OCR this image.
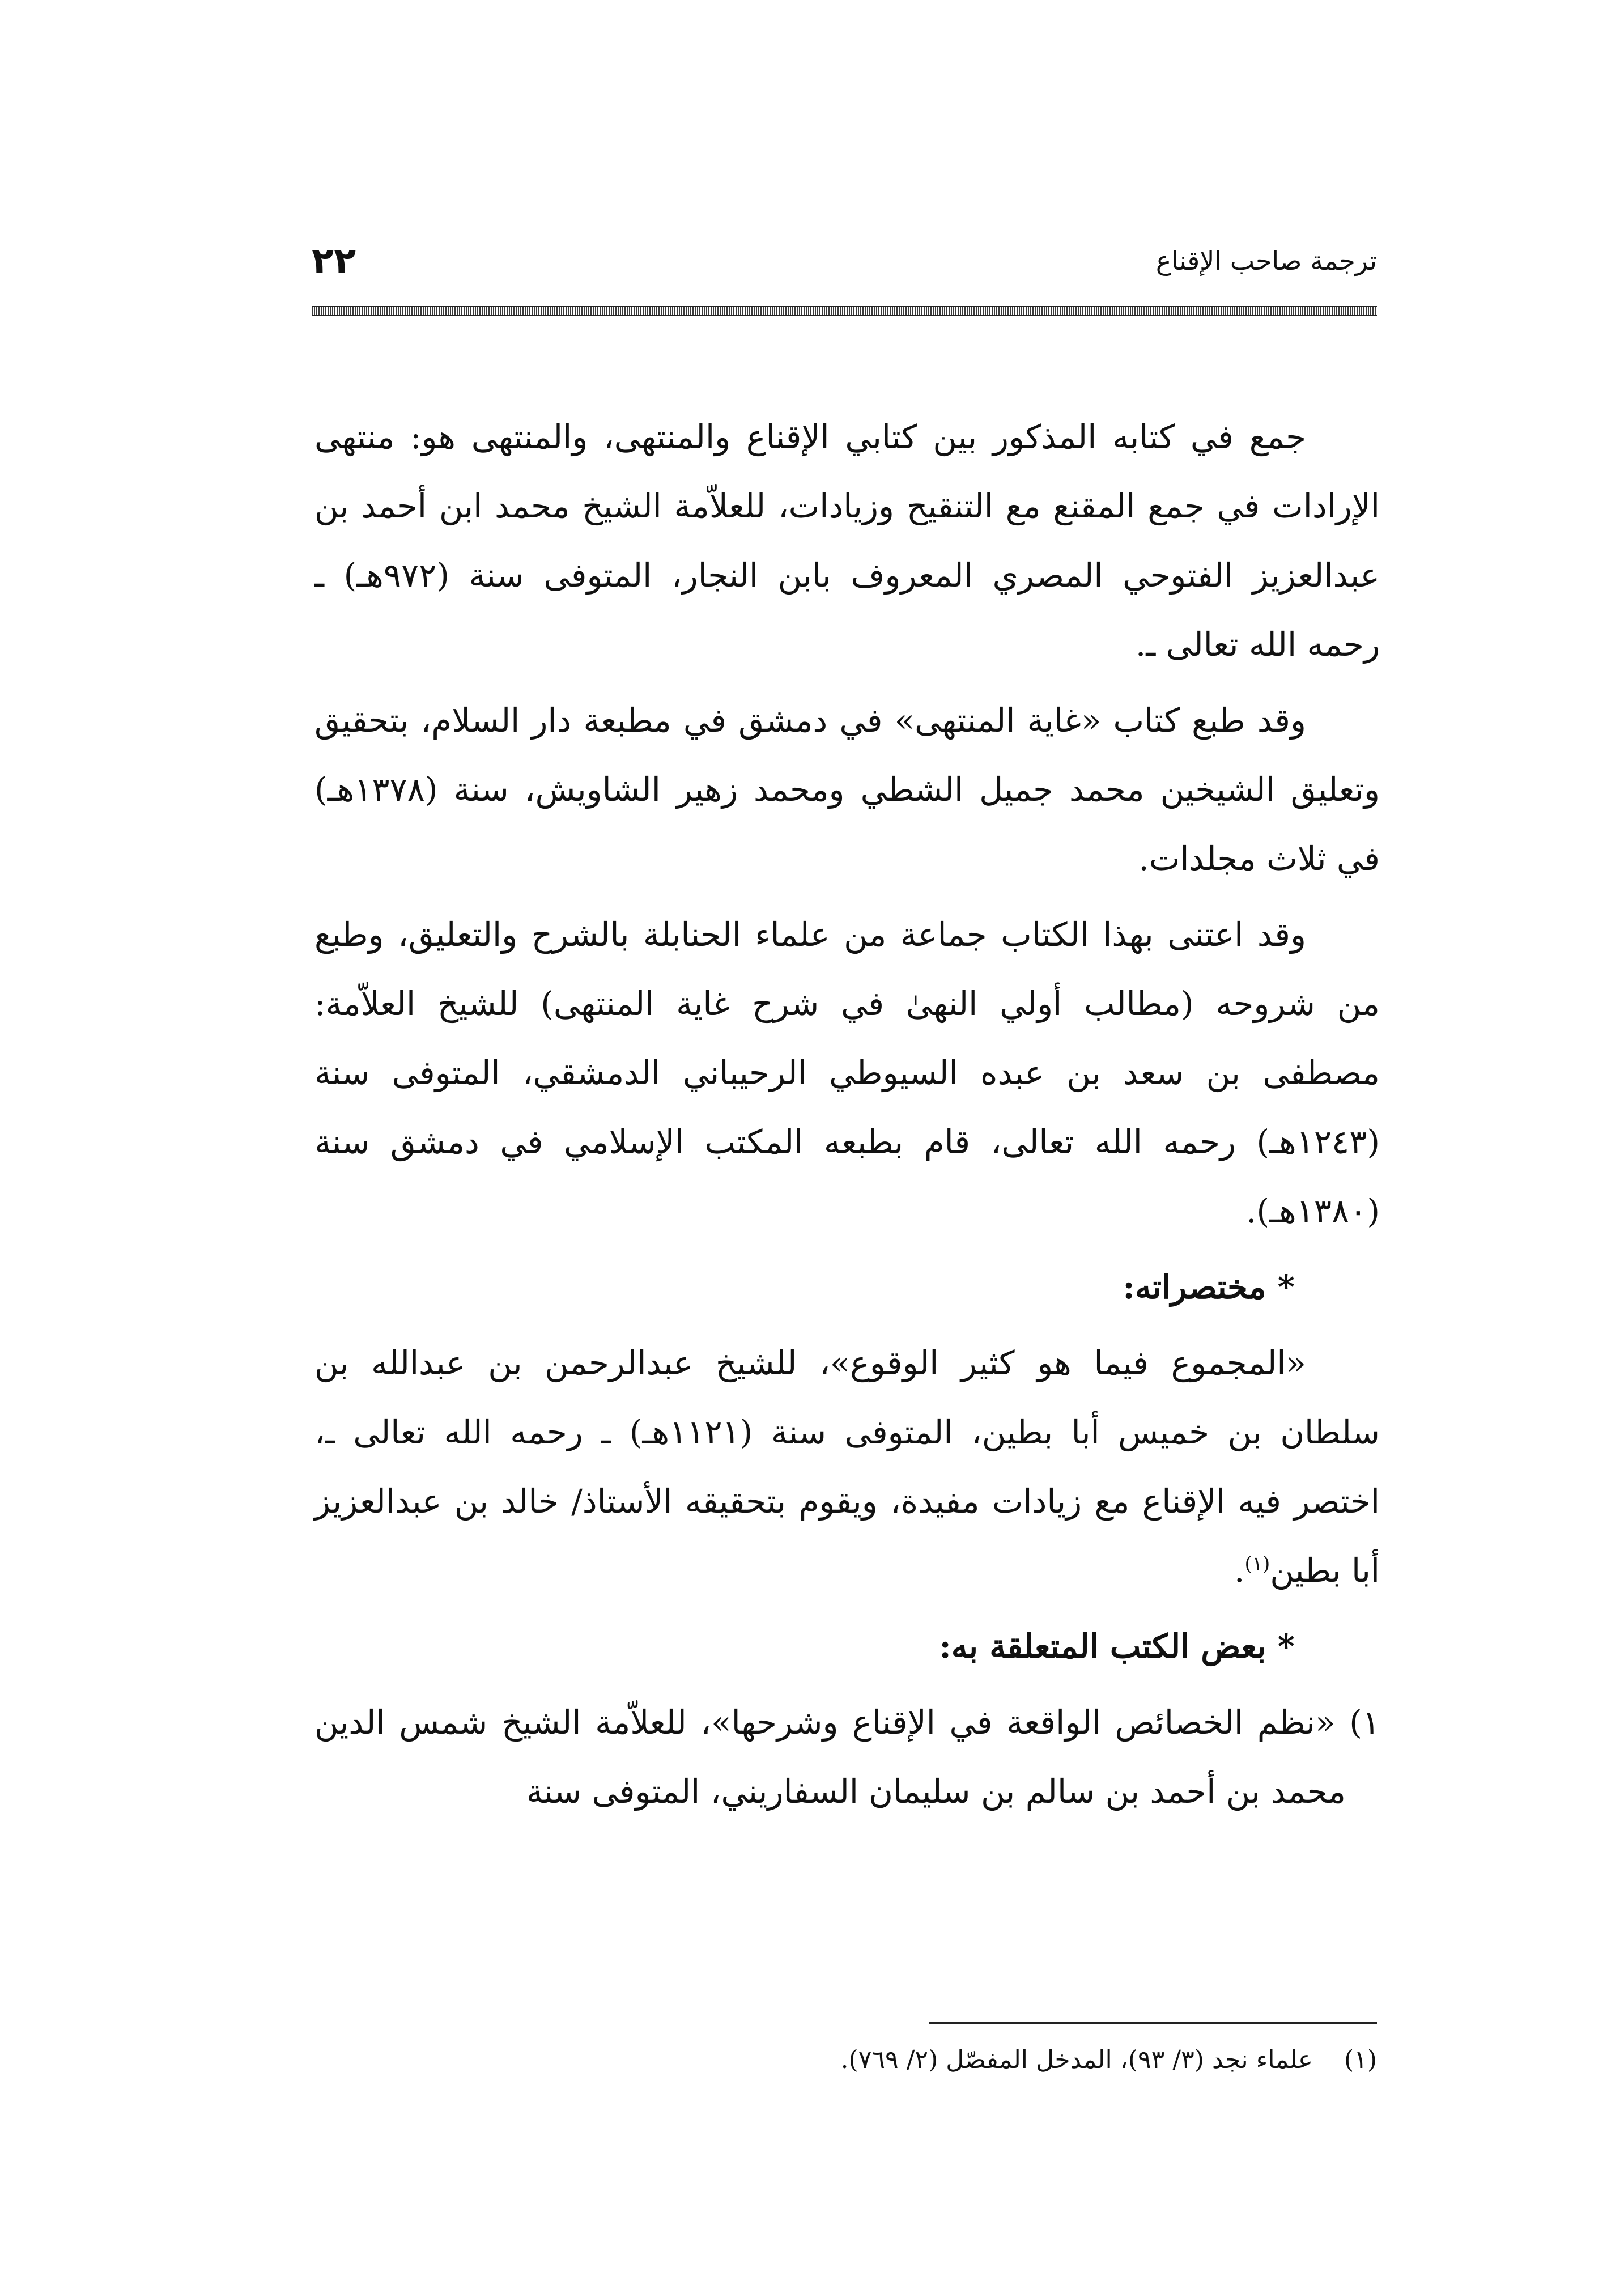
ترجمة صاحب الإقناع
٢٢

جمع في كتابه المذكور بين كتابي الإقناع والمنتهى، والمنتهى هو: منتهى الإرادات في جمع المقنع مع التنقيح وزيادات، للعلاّمة الشيخ محمد ابن أحمد بن عبدالعزيز الفتوحي المصري المعروف بابن النجار، المتوفى سنة (٩٧٢هـ) ـ رحمه الله تعالى ـ.

وقد طبع كتاب «غاية المنتهى» في دمشق في مطبعة دار السلام، بتحقيق وتعليق الشيخين محمد جميل الشطي ومحمد زهير الشاويش، سنة (١٣٧٨هـ) في ثلاث مجلدات.

وقد اعتنى بهذا الكتاب جماعة من علماء الحنابلة بالشرح والتعليق، وطبع من شروحه (مطالب أولي النهىٰ في شرح غاية المنتهى) للشيخ العلاّمة: مصطفى بن سعد بن عبده السيوطي الرحيباني الدمشقي، المتوفى سنة (١٢٤٣هـ) رحمه الله تعالى، قام بطبعه المكتب الإسلامي في دمشق سنة (١٣٨٠هـ).

* مختصراته:

«المجموع فيما هو كثير الوقوع»، للشيخ عبدالرحمن بن عبدالله بن سلطان بن خميس أبا بطين، المتوفى سنة (١١٢١هـ) ـ رحمه الله تعالى ـ، اختصر فيه الإقناع مع زيادات مفيدة، ويقوم بتحقيقه الأستاذ/ خالد بن عبدالعزيز أبا بطين$^{(١)}$.

* بعض الكتب المتعلقة به:

١) «نظم الخصائص الواقعة في الإقناع وشرحها»، للعلاّمة الشيخ شمس الدين محمد بن أحمد بن سالم بن سليمان السفاريني، المتوفى سنة

(١)علماء نجد (٣/ ٩٣)، المدخل المفصّل (٢/ ٧٦٩).
